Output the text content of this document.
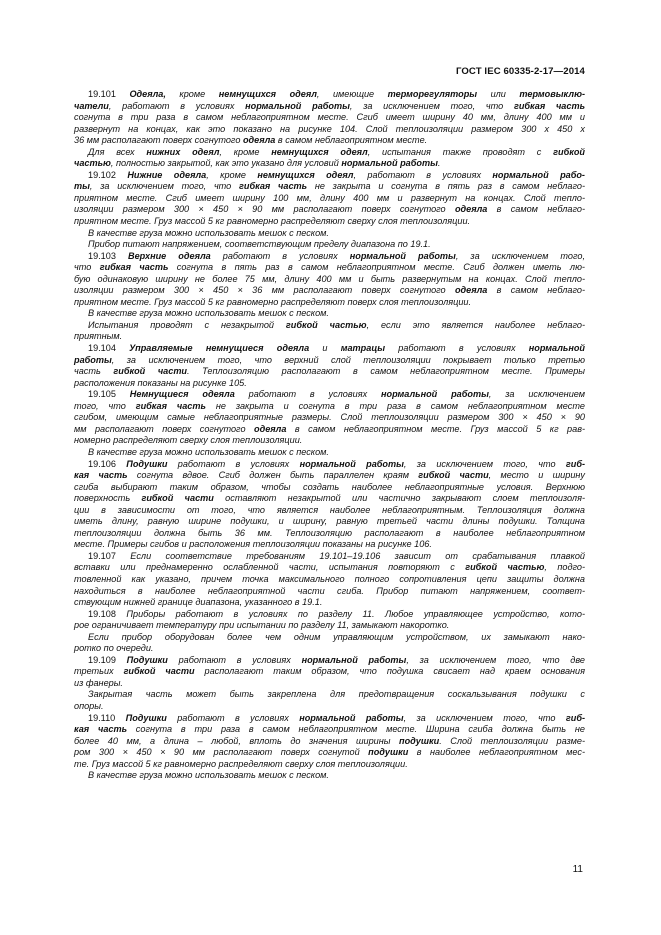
ГОСТ IEC 60335-2-17—2014
19.101 Одеяла, кроме немнущихся одеял, имеющие терморегуляторы или термовыклю-
чатели, работают в условиях нормальной работы, за исключением того, что гибкая часть
согнута в три раза в самом неблагоприятном месте. Сгиб имеет ширину 40 мм, длину 400 мм и
развернут на концах, как это показано на рисунке 104. Слой теплоизоляции размером 300 х 450 х
36 мм располагают поверх согнутого одеяла в самом неблагоприятном месте.
Для всех нижних одеял, кроме немнущихся одеял, испытания также проводят с гибкой
частью, полностью закрытой, как это указано для условий нормальной работы.
19.102 Нижние одеяла, кроме немнущихся одеял, работают в условиях нормальной рабо-
ты, за исключением того, что гибкая часть не закрыта и согнута в пять раз в самом неблаго-
приятном месте. Сгиб имеет ширину 100 мм, длину 400 мм и развернут на концах. Слой тепло-
изоляции размером 300 × 450 × 90 мм располагают поверх согнутого одеяла в самом неблаго-
приятном месте. Груз массой 5 кг равномерно распределяют сверху слоя теплоизоляции.
В качестве груза можно использовать мешок с песком.
Прибор питают напряжением, соответствующим пределу диапазона по 19.1.
19.103 Верхние одеяла работают в условиях нормальной работы, за исключением того,
что гибкая часть согнута в пять раз в самом неблагоприятном месте. Сгиб должен иметь лю-
бую одинаковую ширину не более 75 мм, длину 400 мм и быть развернутым на концах. Слой тепло-
изоляции размером 300 × 450 × 36 мм располагают поверх согнутого одеяла в самом неблаго-
приятном месте. Груз массой 5 кг равномерно распределяют поверх слоя теплоизоляции.
В качестве груза можно использовать мешок с песком.
Испытания проводят с незакрытой гибкой частью, если это является наиболее неблаго-
приятным.
19.104 Управляемые немнущиеся одеяла и матрацы работают в условиях нормальной
работы, за исключением того, что верхний слой теплоизоляции покрывает только третью
часть гибкой части. Теплоизоляцию располагают в самом неблагоприятном месте. Примеры
расположения показаны на рисунке 105.
19.105 Немнущиеся одеяла работают в условиях нормальной работы, за исключением
того, что гибкая часть не закрыта и согнута в три раза в самом неблагоприятном месте
сгибом, имеющим самые неблагоприятные размеры. Слой теплоизоляции размером 300 × 450 × 90
мм располагают поверх согнутого одеяла в самом неблагоприятном месте. Груз массой 5 кг рав-
номерно распределяют сверху слоя теплоизоляции.
В качестве груза можно использовать мешок с песком.
19.106 Подушки работают в условиях нормальной работы, за исключением того, что гиб-
кая часть согнута вдвое. Сгиб должен быть параллелен краям гибкой части, место и ширину
сгиба выбирают таким образом, чтобы создать наиболее неблагоприятные условия. Верхнюю
поверхность гибкой части оставляют незакрытой или частично закрывают слоем теплоизоля-
ции в зависимости от того, что является наиболее неблагоприятным. Теплоизоляция должна
иметь длину, равную ширине подушки, и ширину, равную третьей части длины подушки. Толщина
теплоизоляции должна быть 36 мм. Теплоизоляцию располагают в наиболее неблагоприятном
месте. Примеры сгибов и расположения теплоизоляции показаны на рисунке 106.
19.107 Если соответствие требованиям 19.101–19.106 зависит от срабатывания плавкой
вставки или преднамеренно ослабленной части, испытания повторяют с гибкой частью, подго-
товленной как указано, причем точка максимального полного сопротивления цепи защиты должна
находиться в наиболее неблагоприятной части сгиба. Прибор питают напряжением, соответ-
ствующим нижней границе диапазона, указанного в 19.1.
19.108 Приборы работают в условиях по разделу 11. Любое управляющее устройство, кото-
рое ограничивает температуру при испытании по разделу 11, замыкают накоротко.
Если прибор оборудован более чем одним управляющим устройством, их замыкают нако-
ротко по очереди.
19.109 Подушки работают в условиях нормальной работы, за исключением того, что две
третьих гибкой части располагают таким образом, что подушка свисает над краем основания
из фанеры.
Закрытая часть может быть закреплена для предотвращения соскальзывания подушки с
опоры.
19.110 Подушки работают в условиях нормальной работы, за исключением того, что гиб-
кая часть согнута в три раза в самом неблагоприятном месте. Ширина сгиба должна быть не
более 40 мм, а длина – любой, вплоть до значения ширины подушки. Слой теплоизоляции разме-
ром 300 × 450 × 90 мм располагают поверх согнутой подушки в наиболее неблагоприятном мес-
те. Груз массой 5 кг равномерно распределяют сверху слоя теплоизоляции.
В качестве груза можно использовать мешок с песком.
11
